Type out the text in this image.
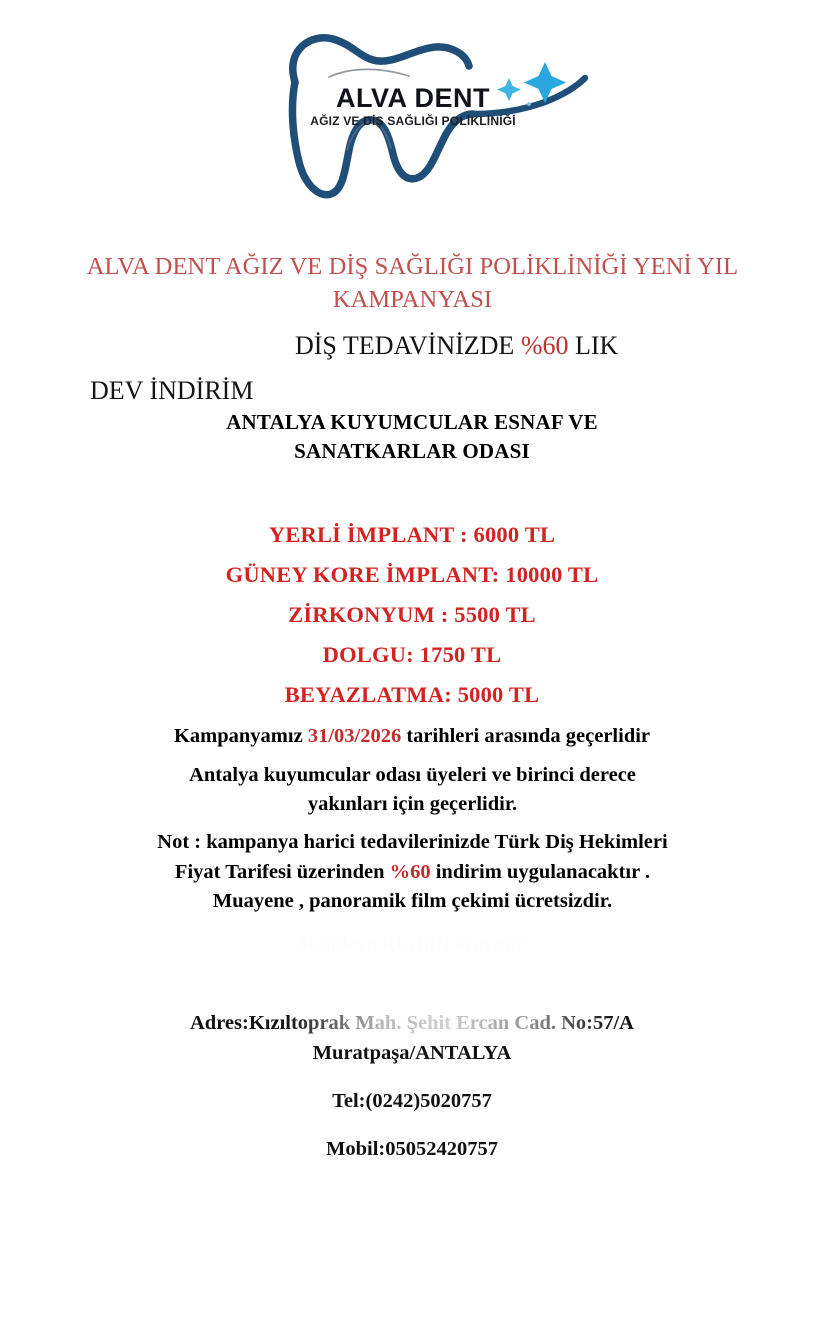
ALVA DENT
AĞIZ VE DİŞ SAĞLIĞI POLİKLİNİĞİ
ALVA DENT AĞIZ VE DİŞ SAĞLIĞI POLİKLİNİĞİ YENİ YIL KAMPANYASI
DİŞ TEDAVİNİZDE %60 LIK
DEV İNDİRİM
ANTALYA KUYUMCULAR ESNAF VE
SANATKARLAR ODASI
YERLİ İMPLANT : 6000 TL
GÜNEY KORE İMPLANT: 10000 TL
ZİRKONYUM : 5500 TL
DOLGU: 1750 TL
BEYAZLATMA: 5000 TL
Kampanyamız 31/03/2026 tarihleri arasında geçerlidir
Antalya kuyumcular odası üyeleri ve birinci derece
yakınları için geçerlidir.
Not : kampanya harici tedavilerinizde Türk Diş Hekimleri
Fiyat Tarifesi üzerinden %60 indirim uygulanacaktır .
Muayene , panoramik film çekimi ücretsizdir.
Randevu için bizi arayınız
Adres:Kızıltoprak Mah. Şehit Ercan Cad. No:57/A
Muratpaşa/ANTALYA
Tel:(0242)5020757
Mobil:05052420757
